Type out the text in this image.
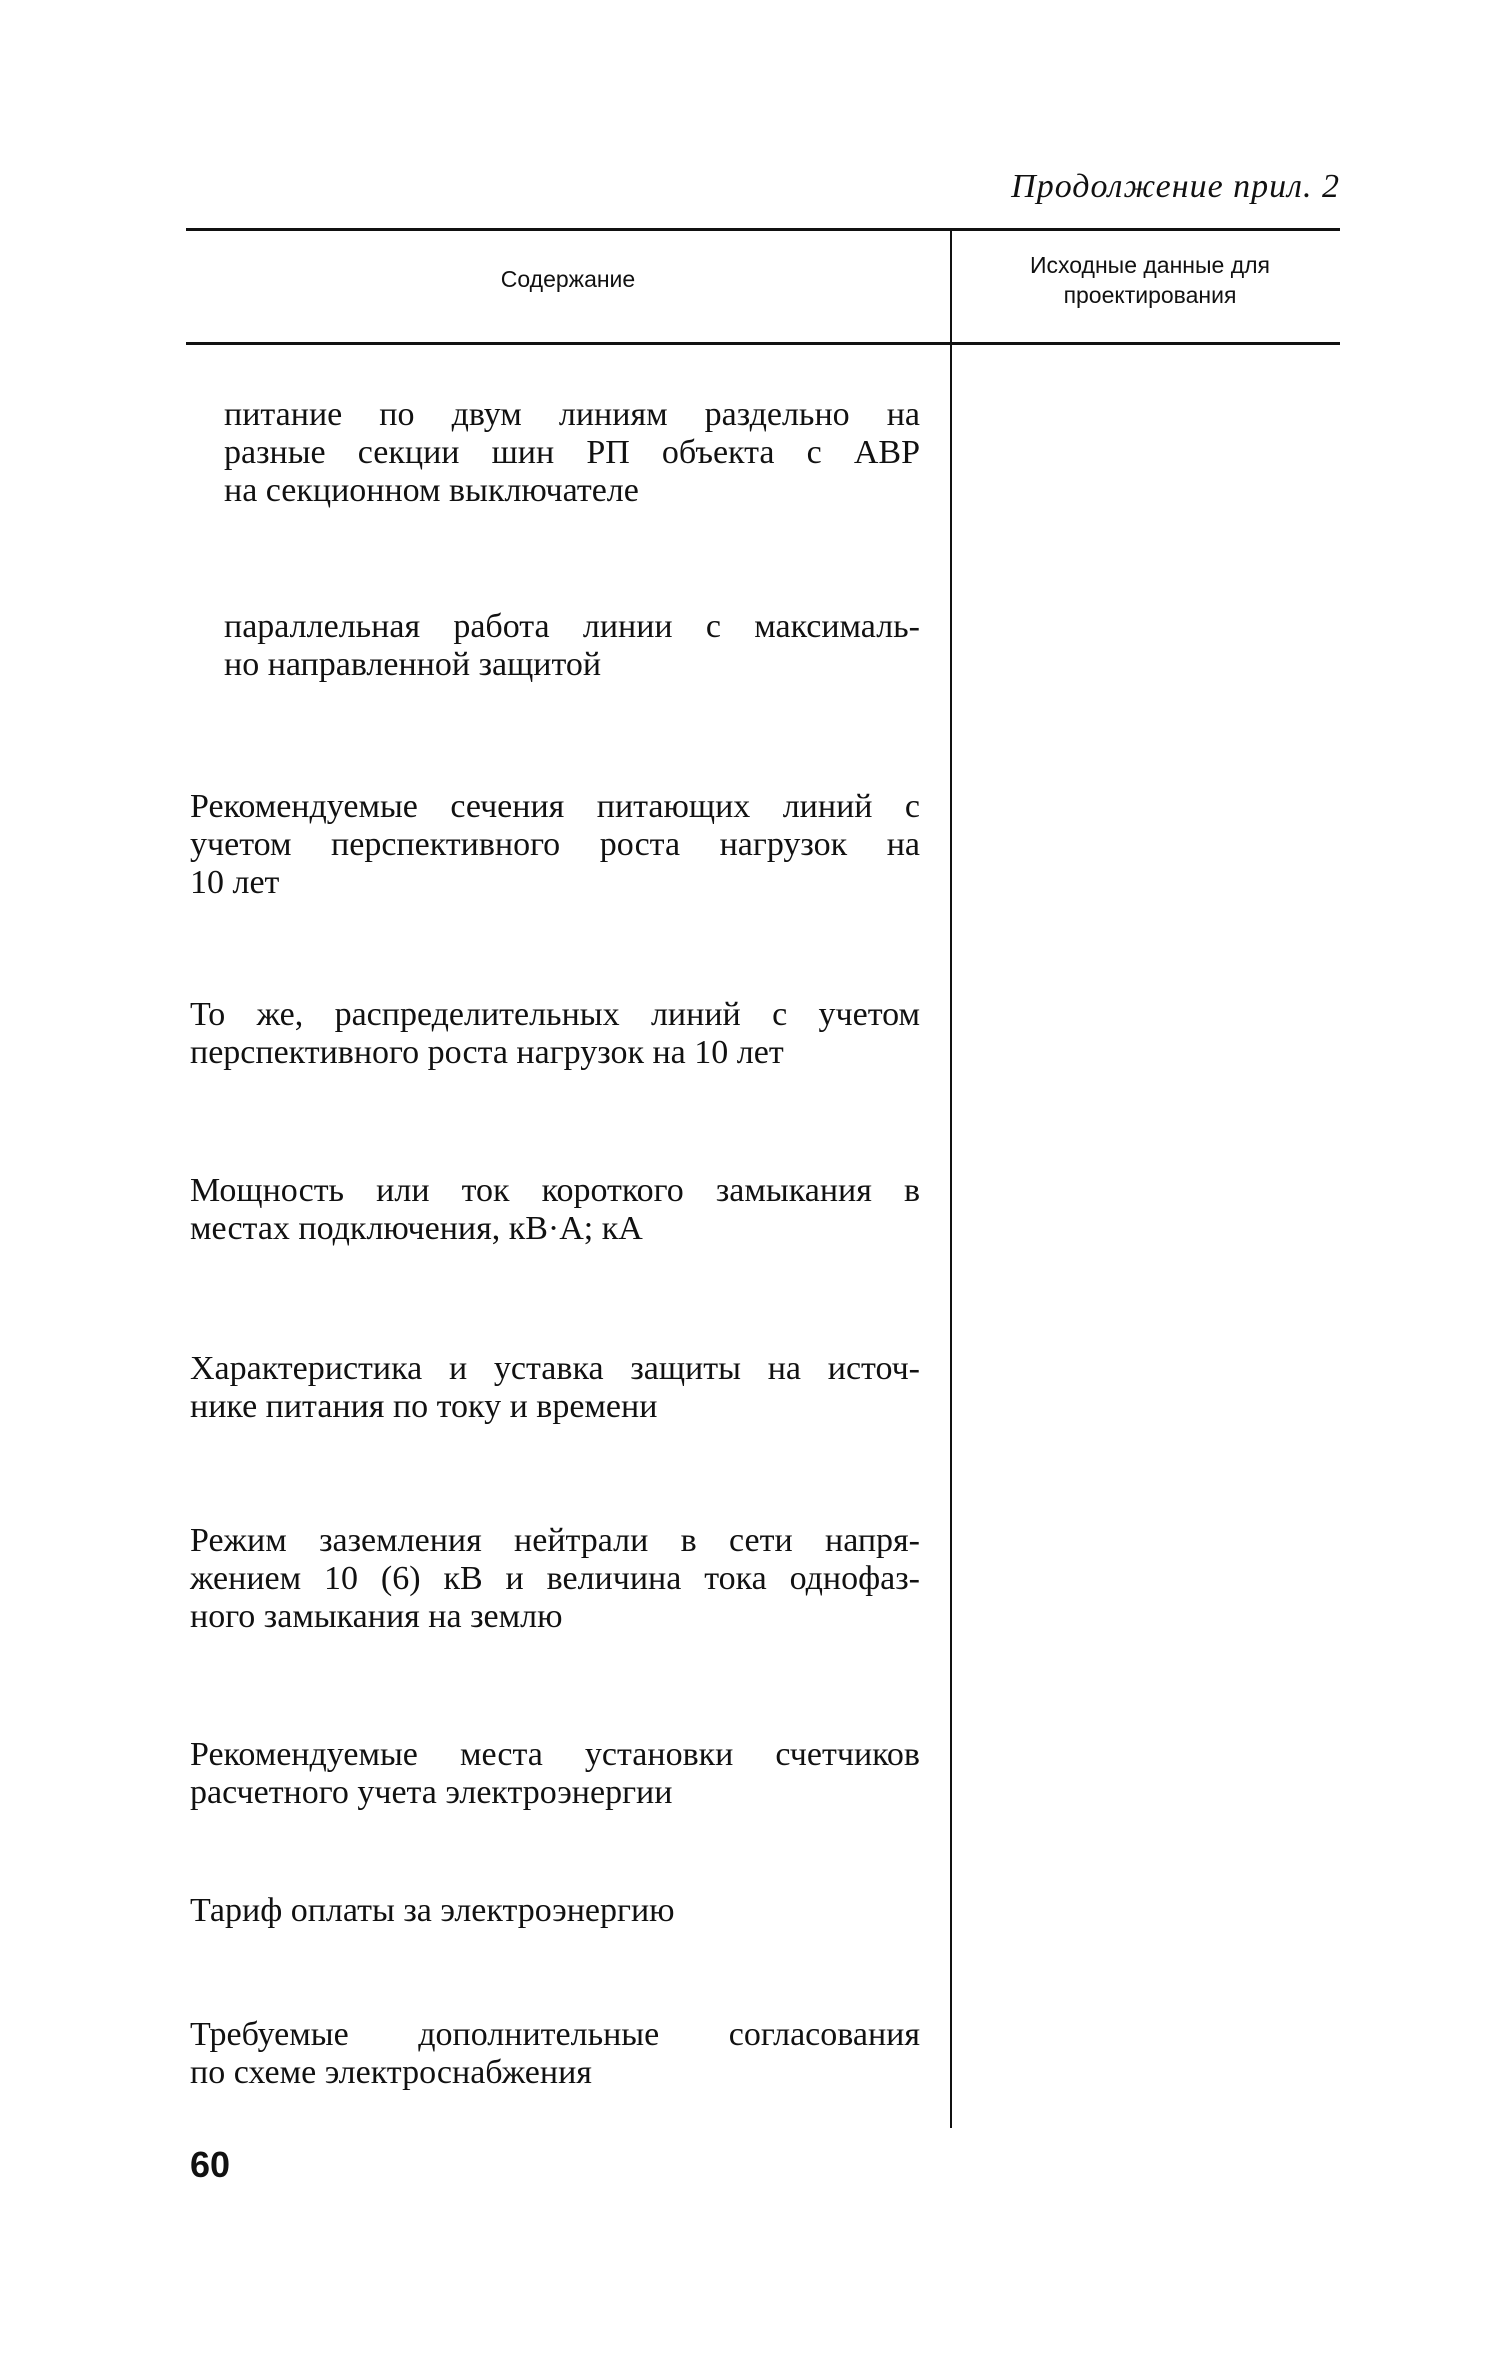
Продолжение прил. 2
Содержание
Исходные данные для
проектирования
питание по двум линиям раздельно на
разные секции шин РП объекта с АВР
на секционном выключателе
параллельная работа линии с максималь-
но направленной защитой
Рекомендуемые сечения питающих линий с
учетом перспективного роста нагрузок на
10 лет
То же, распределительных линий с учетом
перспективного роста нагрузок на 10 лет
Мощность или ток короткого замыкания в
местах подключения, кВ·А; кА
Характеристика и уставка защиты на источ-
нике питания по току и времени
Режим заземления нейтрали в сети напря-
жением 10 (6) кВ и величина тока однофаз-
ного замыкания на землю
Рекомендуемые места установки счетчиков
расчетного учета электроэнергии
Тариф оплаты за электроэнергию
Требуемые дополнительные согласования
по схеме электроснабжения
60
